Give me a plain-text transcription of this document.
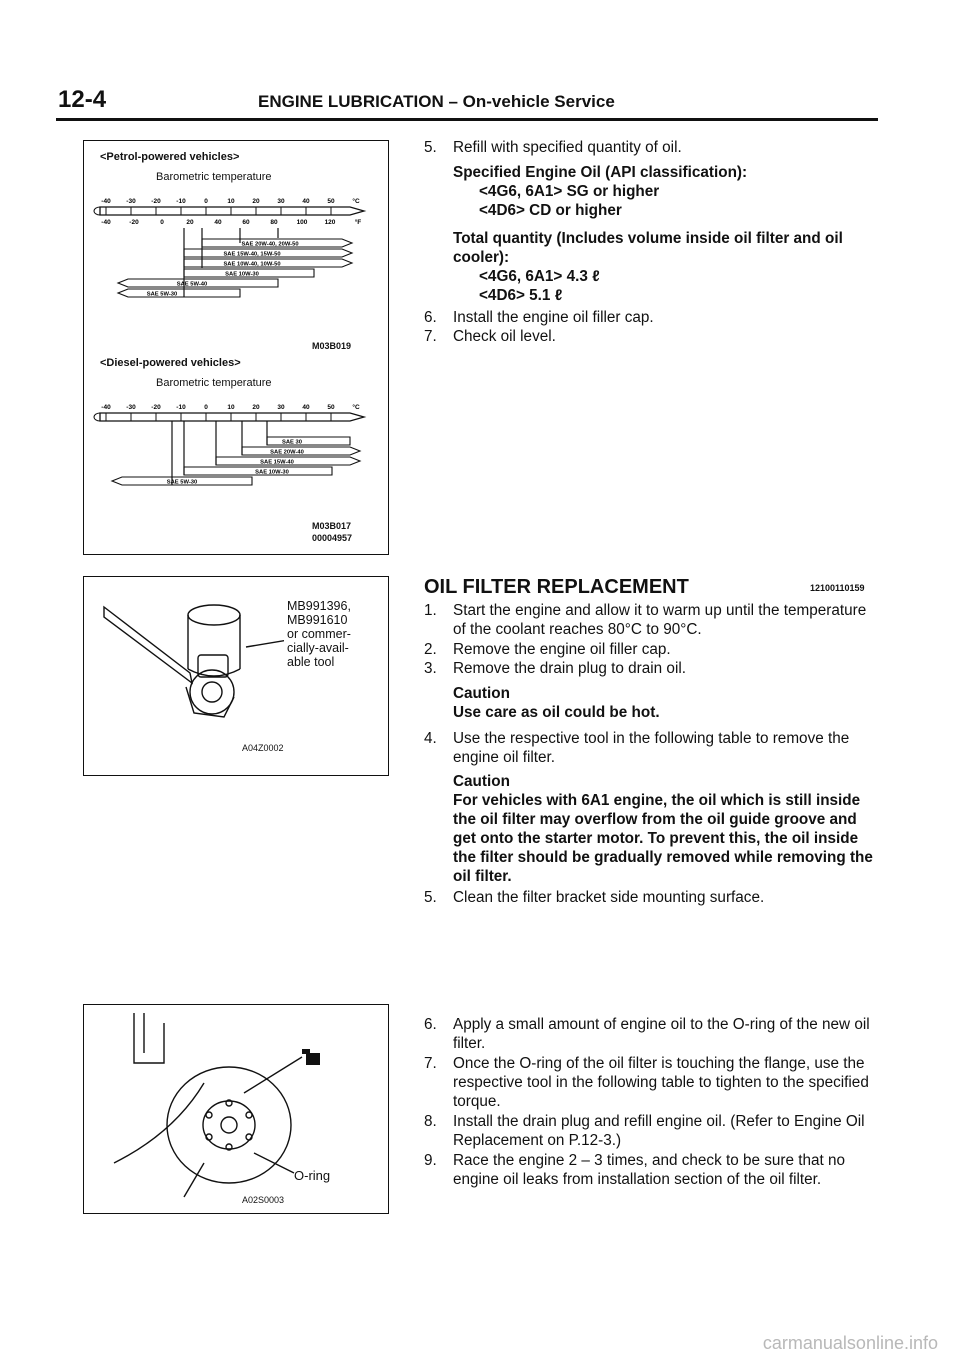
12-4	ENGINE LUBRICATION – On-vehicle Service
<Petrol-powered vehicles>
Barometric temperature
-40 -30 -20 -10	0	10	20	30	40	50	°C
-40	-20	0	20	40	60	80	100	120	°F
SAE 20W-40, 20W-50
SAE 15W-40, 15W-50
SAE 10W-40, 10W-50
SAE 10W-30
SAE 5W-40
SAE 5W-30
M03B019
<Diesel-powered vehicles>
Barometric temperature
-40 -30 -20 -10	0	10	20	30	40	50	°C
SAE 30
SAE 20W-40
SAE 15W-40
SAE 10W-30
SAE 5W-30
M03B017
00004957
MB991396,
MB991610
or commer-
cially-avail-
able tool
A04Z0002
O-ring
A02S0003
5. Refill with specified quantity of oil.
Specified Engine Oil (API classification):
<4G6, 6A1> SG or higher
<4D6> CD or higher
Total quantity (Includes volume inside oil filter and oil cooler):
<4G6, 6A1> 4.3 ℓ
<4D6> 5.1 ℓ
6. Install the engine oil filler cap.
7. Check oil level.
OIL FILTER REPLACEMENT	12100110159
1. Start the engine and allow it to warm up until the temperature of the coolant reaches 80°C to 90°C.
2. Remove the engine oil filler cap.
3. Remove the drain plug to drain oil.
Caution
Use care as oil could be hot.
4. Use the respective tool in the following table to remove the engine oil filter.
Caution
For vehicles with 6A1 engine, the oil which is still inside the oil filter may overflow from the oil guide groove and get onto the starter motor. To prevent this, the oil inside the filter should be gradually removed while removing the oil filter.
5. Clean the filter bracket side mounting surface.
6. Apply a small amount of engine oil to the O-ring of the new oil filter.
7. Once the O-ring of the oil filter is touching the flange, use the respective tool in the following table to tighten to the specified torque.
8. Install the drain plug and refill engine oil. (Refer to Engine Oil Replacement on P.12-3.)
9. Race the engine 2 – 3 times, and check to be sure that no engine oil leaks from installation section of the oil filter.
carmanualsonline.info
